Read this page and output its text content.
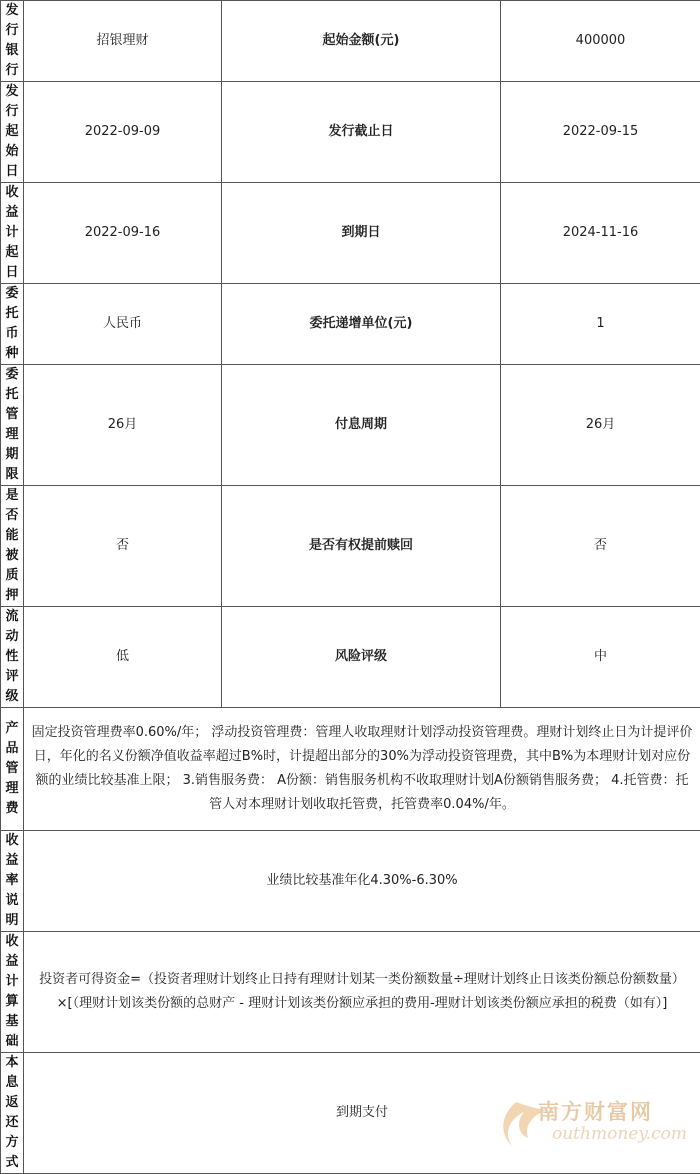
发行银行	招银理财	起始金额(元)	400000

发行起始日	2022-09-09	发行截止日	2022-09-15

收益计起日	2022-09-16	到期日	2024-11-16

委托币种	人民币	委托递增单位(元)	1

委托管理期限	26月	付息周期	26月

是否能被质押	否	是否有权提前赎回	否

流动性评级	低	风险评级	中

产品管理费	固定投资管理费率0.60%/年； 浮动投资管理费：管理人收取理财计划浮动投资管理费。理财计划终止日为计提评价日，年化的名义份额净值收益率超过B%时，计提超出部分的30%为浮动投资管理费，其中B%为本理财计划对应份额的业绩比较基准上限； 3.销售服务费： A份额：销售服务机构不收取理财计划A份额销售服务费； 4.托管费：托管人对本理财计划收取托管费，托管费率0.04%/年。		

收益率说明	业绩比较基准年化4.30%-6.30%		

收益计算基础	投资者可得资金=（投资者理财计划终止日持有理财计划某一类份额数量÷理财计划终止日该类份额总份额数量）×[（理财计划该类份额的总财产 - 理财计划该类份额应承担的费用-理财计划该类份额应承担的税费（如有）]		

本息返还方式	到期支付			南方财富网
outhmoney.com
